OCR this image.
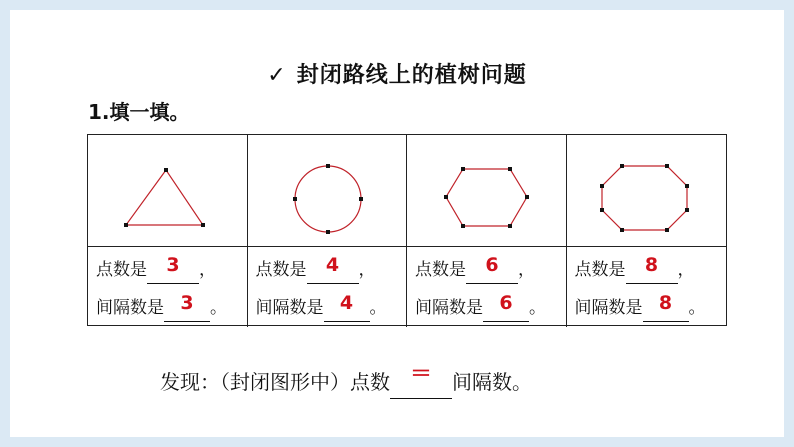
✓ 封闭路线上的植树问题
1.填一填。
点数是 3 ，
间隔数是 3 。
点数是 4 ，
间隔数是 4 。
点数是 6 ，
间隔数是 6 。
点数是 8 ，
间隔数是 8 。
发现：（封闭图形中）点数 ＝ 间隔数。
